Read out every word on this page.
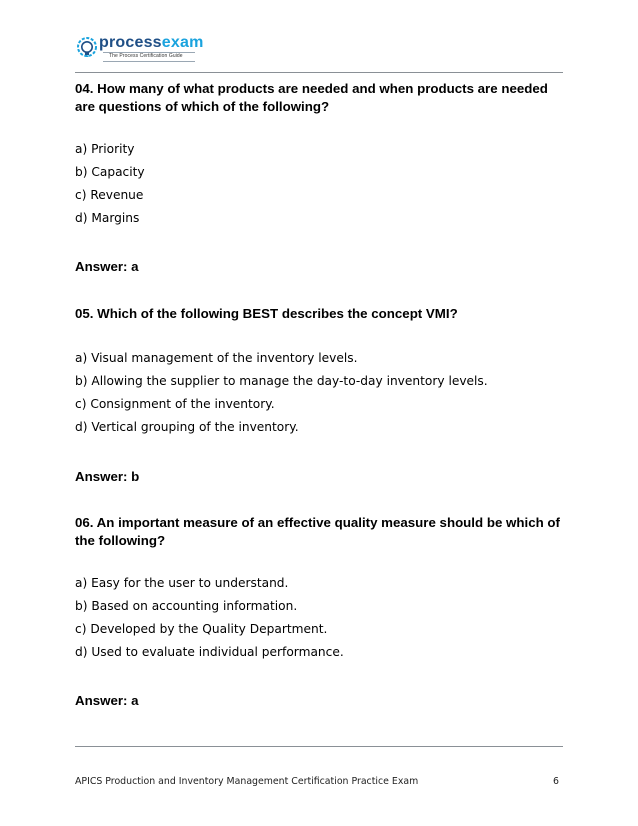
processexam
The Process Certification Guide

04. How many of what products are needed and when products are needed are questions of which of the following?

a) Priority

b) Capacity

c) Revenue

d) Margins

Answer: a

05. Which of the following BEST describes the concept VMI?

a) Visual management of the inventory levels.

b) Allowing the supplier to manage the day-to-day inventory levels.

c) Consignment of the inventory.

d) Vertical grouping of the inventory.

Answer: b

06. An important measure of an effective quality measure should be which of the following?

a) Easy for the user to understand.

b) Based on accounting information.

c) Developed by the Quality Department.

d) Used to evaluate individual performance.

Answer: a

APICS Production and Inventory Management Certification Practice Exam	6
